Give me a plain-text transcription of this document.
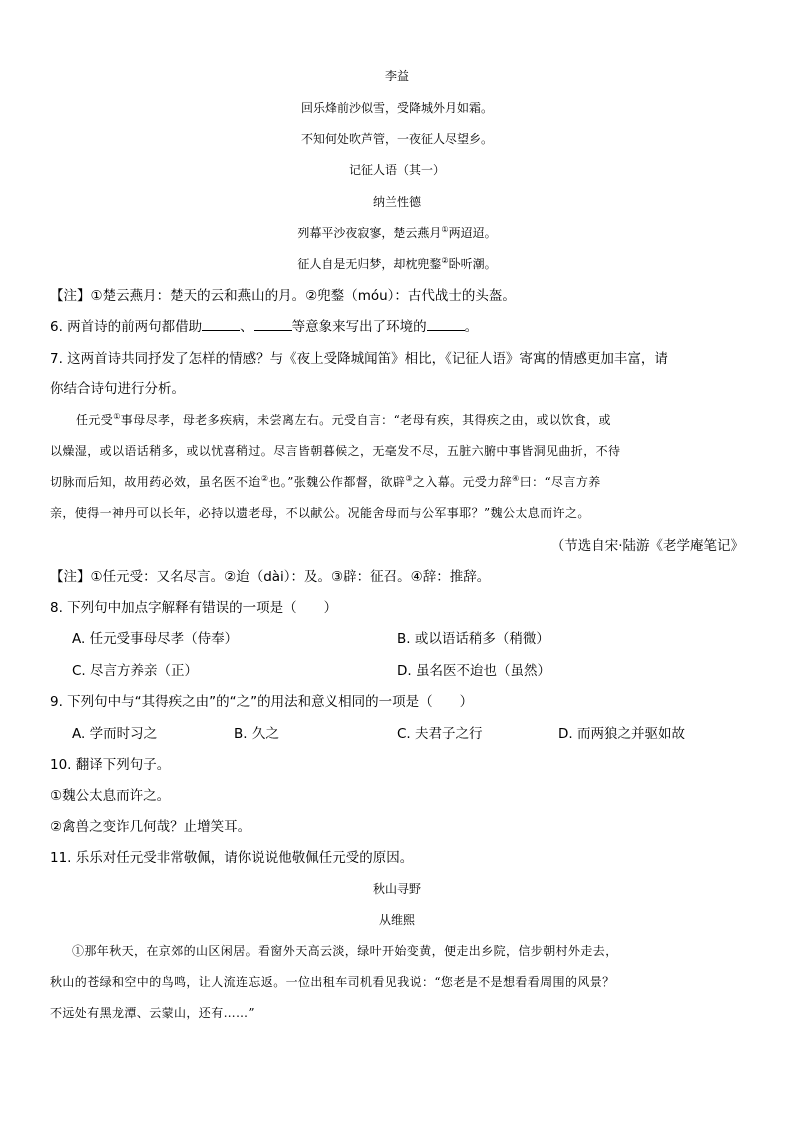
李益
回乐烽前沙似雪，受降城外月如霜。
不知何处吹芦管，一夜征人尽望乡。
记征人语（其一）
纳兰性德
列幕平沙夜寂寥，楚云燕月①两迢迢。
征人自是无归梦，却枕兜鍪②卧听潮。
【注】①楚云燕月：楚天的云和燕山的月。②兜鍪（móu）：古代战士的头盔。
6. 两首诗的前两句都借助	、	等意象来写出了环境的	。
7. 这两首诗共同抒发了怎样的情感？与《夜上受降城闻笛》相比，《记征人语》寄寓的情感更加丰富，请
你结合诗句进行分析。
任元受①事母尽孝，母老多疾病，未尝离左右。元受自言：“老母有疾，其得疾之由，或以饮食，或
以燥湿，或以语话稍多，或以忧喜稍过。尽言皆朝暮候之，无毫发不尽，五脏六腑中事皆洞见曲折，不待
切脉而后知，故用药必效，虽名医不迨②也。”张魏公作都督，欲辟③之入幕。元受力辞④曰：“尽言方养
亲，使得一神丹可以长年，必持以遗老母，不以献公。况能舍母而与公军事耶？”魏公太息而许之。
（节选自宋·陆游《老学庵笔记》
【注】①任元受：又名尽言。②迨（dài）：及。③辟：征召。④辞：推辞。
8. 下列句中加点字解释有错误的一项是（　　）
A. 任元受事母尽孝（侍奉）	B. 或以语话稍多（稍微）
C. 尽言方养亲（正）	D. 虽名医不迨也（虽然）
9. 下列句中与“其得疾之由”的“之”的用法和意义相同的一项是（　　）
A. 学而时习之	B. 久之	C. 夫君子之行	D. 而两狼之并驱如故
10. 翻译下列句子。
①魏公太息而许之。
②禽兽之变诈几何哉？止增笑耳。
11. 乐乐对任元受非常敬佩，请你说说他敬佩任元受的原因。
秋山寻野
从维熙
①那年秋天，在京郊的山区闲居。看窗外天高云淡，绿叶开始变黄，便走出乡院，信步朝村外走去，
秋山的苍绿和空中的鸟鸣，让人流连忘返。一位出租车司机看见我说：“您老是不是想看看周围的风景？
不远处有黑龙潭、云蒙山，还有……”
